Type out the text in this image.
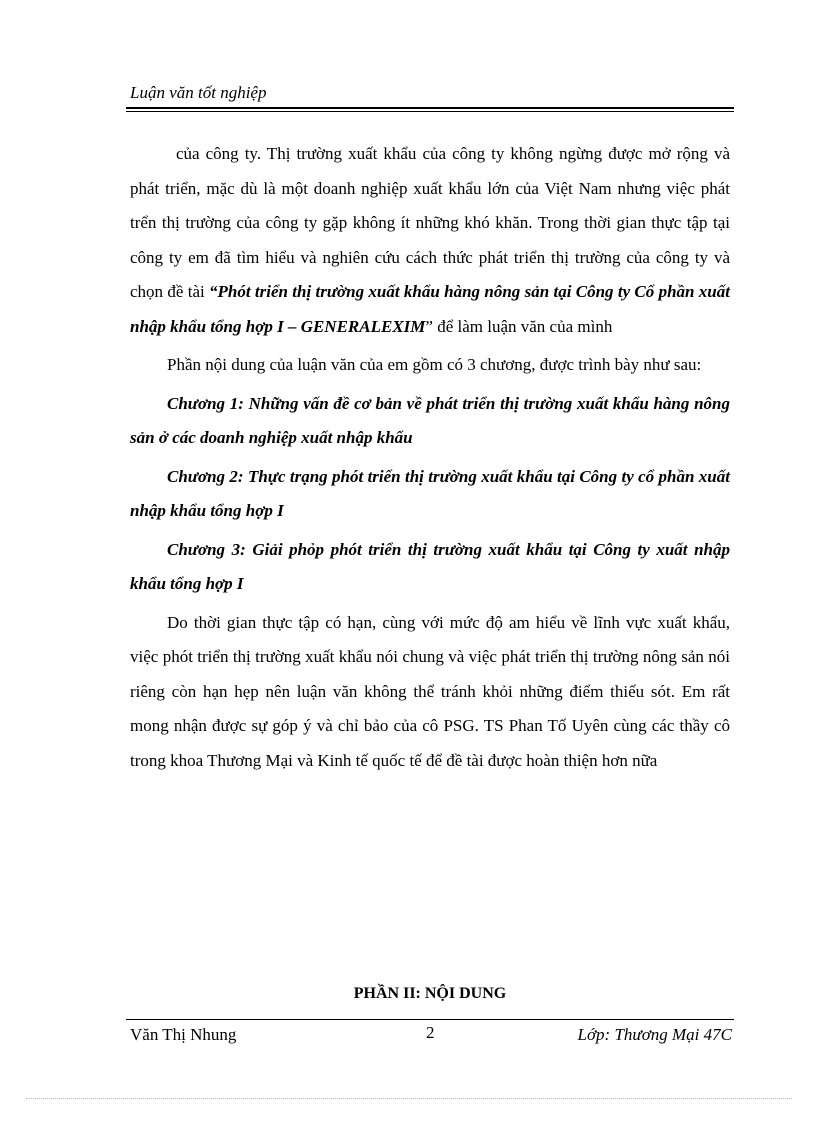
Luận văn tốt nghiệp

của công ty. Thị trường xuất khẩu của công ty không ngừng được mở rộng và phát triển, mặc dù là một doanh nghiệp xuất khẩu lớn của Việt Nam nhưng việc phát trển thị trường của công ty gặp không ít những khó khăn. Trong thời gian thực tập tại công ty em đã tìm hiểu và nghiên cứu cách thức phát triển thị trường của công ty và chọn đề tài “Phót triển thị trường xuất khẩu hàng nông sản tại Công ty Cổ phần xuất nhập khẩu tổng hợp I – GENERALEXIM” để làm luận văn của mình

Phần nội dung của luận văn của em gồm có 3 chương, được trình bày như sau:

Chương 1: Những vấn đề cơ bản về phát triển thị trường xuất khẩu hàng nông sản ở các doanh nghiệp xuất nhập khẩu

Chương 2: Thực trạng phót triển thị trường xuất khẩu tại Công ty cổ phần xuất nhập khẩu tổng hợp I

Chương 3: Giải phỏp phót triển thị trường xuất khẩu tại Công ty xuất nhập khẩu tổng hợp I

Do thời gian thực tập có hạn, cùng với mức độ am hiểu về lĩnh vực xuất khẩu, việc phót triển thị trường xuất khẩu nói chung và việc phát triển thị trường nông sản nói riêng còn hạn hẹp nên luận văn không thể tránh khỏi những điểm thiếu sót. Em rất mong nhận được sự góp ý và chỉ bảo của cô PSG. TS Phan Tố Uyên cùng các thầy cô trong khoa Thương Mại và Kinh tế quốc tế để đề tài được hoàn thiện hơn nữa

PHẦN II: NỘI DUNG
Văn Thị Nhung	2	Lớp: Thương Mại 47C
